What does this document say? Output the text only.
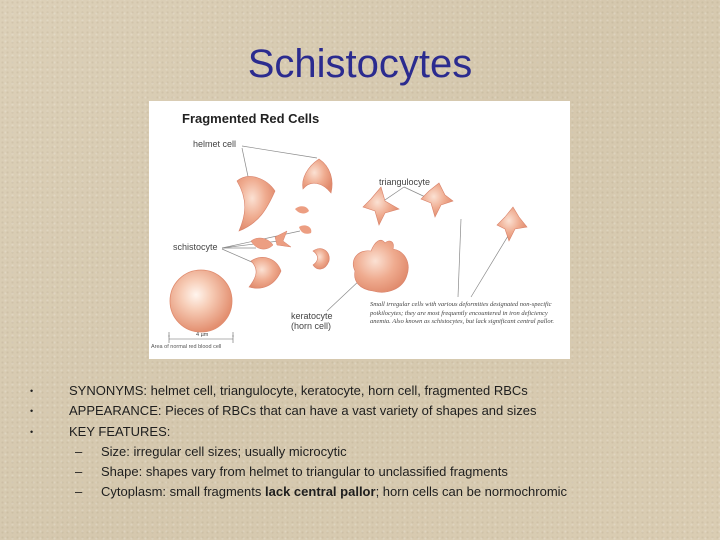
Schistocytes
Fragmented Red Cells
helmet cell
triangulocyte
schistocyte
keratocyte
(horn cell)
4 µm
Area of normal red blood cell
Small irregular cells with various deformities designated non-specific poikilocytes; they are most frequently encountered in iron deficiency anemia. Also known as schistocytes, but lack significant central pallor.
•	SYNONYMS: helmet cell, triangulocyte, keratocyte, horn cell, fragmented RBCs
•	APPEARANCE: Pieces of RBCs that can have a vast variety of shapes and sizes
•	KEY FEATURES:
– Size: irregular cell sizes; usually microcytic
– Shape: shapes vary from helmet to triangular to unclassified fragments
– Cytoplasm: small fragments lack central pallor; horn cells can be normochromic
